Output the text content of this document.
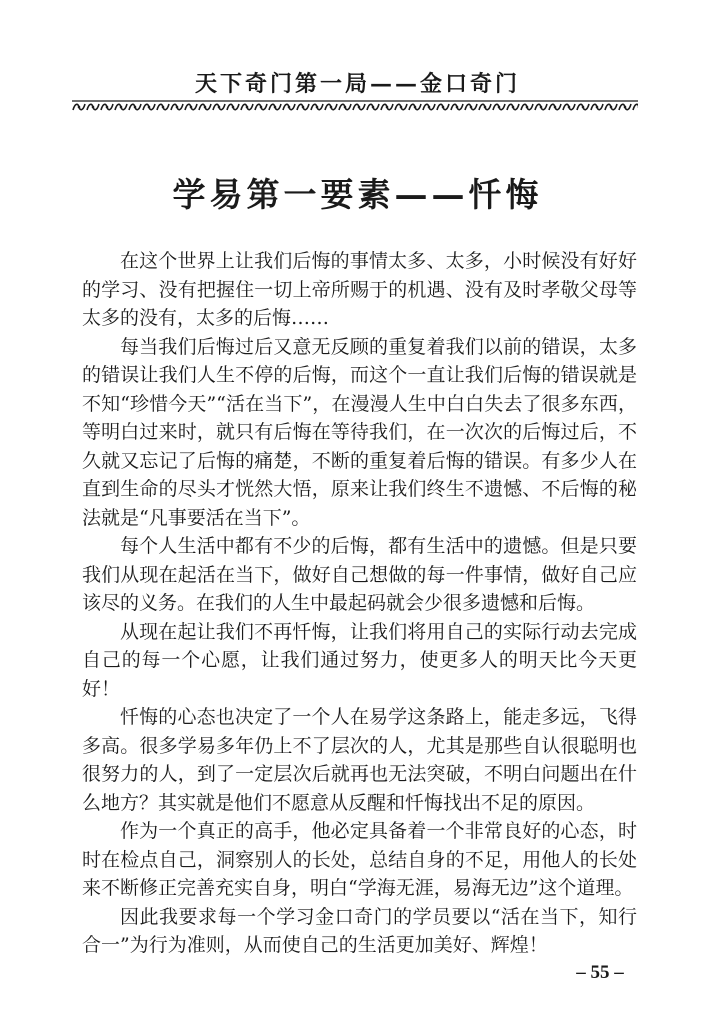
天下奇门第一局——金口奇门
学易第一要素——忏悔

在这个世界上让我们后悔的事情太多、太多，小时候没有好好的学习、没有把握住一切上帝所赐于的机遇、没有及时孝敬父母等太多的没有，太多的后悔……

每当我们后悔过后又意无反顾的重复着我们以前的错误，太多的错误让我们人生不停的后悔，而这个一直让我们后悔的错误就是不知“珍惜今天”“活在当下”，在漫漫人生中白白失去了很多东西，等明白过来时，就只有后悔在等待我们，在一次次的后悔过后，不久就又忘记了后悔的痛楚，不断的重复着后悔的错误。有多少人在直到生命的尽头才恍然大悟，原来让我们终生不遗憾、不后悔的秘法就是“凡事要活在当下”。

每个人生活中都有不少的后悔，都有生活中的遗憾。但是只要我们从现在起活在当下，做好自己想做的每一件事情，做好自己应该尽的义务。在我们的人生中最起码就会少很多遗憾和后悔。

从现在起让我们不再忏悔，让我们将用自己的实际行动去完成自己的每一个心愿，让我们通过努力，使更多人的明天比今天更好！

忏悔的心态也决定了一个人在易学这条路上，能走多远，飞得多高。很多学易多年仍上不了层次的人，尤其是那些自认很聪明也很努力的人，到了一定层次后就再也无法突破，不明白问题出在什么地方？其实就是他们不愿意从反醒和忏悔找出不足的原因。

作为一个真正的高手，他必定具备着一个非常良好的心态，时时在检点自己，洞察别人的长处，总结自身的不足，用他人的长处来不断修正完善充实自身，明白“学海无涯，易海无边”这个道理。

因此我要求每一个学习金口奇门的学员要以“活在当下，知行合一”为行为准则，从而使自己的生活更加美好、辉煌！

– 55 –
